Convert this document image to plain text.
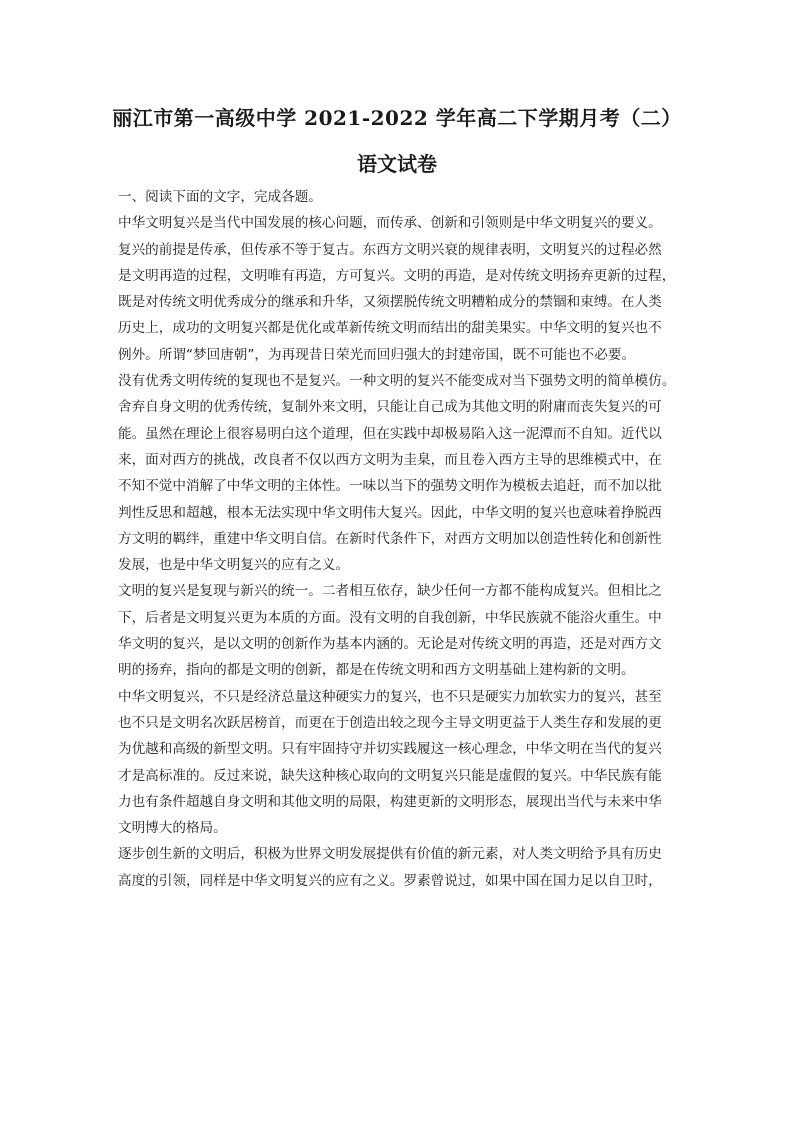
丽江市第一高级中学 2021-2022 学年高二下学期月考（二）
语文试卷
一、阅读下面的文字，完成各题。
中华文明复兴是当代中国发展的核心问题，而传承、创新和引领则是中华文明复兴的要义。
复兴的前提是传承，但传承不等于复古。东西方文明兴衰的规律表明，文明复兴的过程必然
是文明再造的过程，文明唯有再造，方可复兴。文明的再造，是对传统文明扬弃更新的过程，
既是对传统文明优秀成分的继承和升华，又须摆脱传统文明糟粕成分的禁锢和束缚。在人类
历史上，成功的文明复兴都是优化或革新传统文明而结出的甜美果实。中华文明的复兴也不
例外。所谓“梦回唐朝”，为再现昔日荣光而回归强大的封建帝国，既不可能也不必要。
没有优秀文明传统的复现也不是复兴。一种文明的复兴不能变成对当下强势文明的简单模仿。
舍弃自身文明的优秀传统，复制外来文明，只能让自己成为其他文明的附庸而丧失复兴的可
能。虽然在理论上很容易明白这个道理，但在实践中却极易陷入这一泥潭而不自知。近代以
来，面对西方的挑战，改良者不仅以西方文明为圭臬，而且卷入西方主导的思维模式中，在
不知不觉中消解了中华文明的主体性。一味以当下的强势文明作为模板去追赶，而不加以批
判性反思和超越，根本无法实现中华文明伟大复兴。因此，中华文明的复兴也意味着挣脱西
方文明的羁绊，重建中华文明自信。在新时代条件下，对西方文明加以创造性转化和创新性
发展，也是中华文明复兴的应有之义。
文明的复兴是复现与新兴的统一。二者相互依存，缺少任何一方都不能构成复兴。但相比之
下，后者是文明复兴更为本质的方面。没有文明的自我创新，中华民族就不能浴火重生。中
华文明的复兴，是以文明的创新作为基本内涵的。无论是对传统文明的再造，还是对西方文
明的扬弃，指向的都是文明的创新，都是在传统文明和西方文明基础上建构新的文明。
中华文明复兴，不只是经济总量这种硬实力的复兴，也不只是硬实力加软实力的复兴，甚至
也不只是文明名次跃居榜首，而更在于创造出较之现今主导文明更益于人类生存和发展的更
为优越和高级的新型文明。只有牢固持守并切实践履这一核心理念，中华文明在当代的复兴
才是高标准的。反过来说，缺失这种核心取向的文明复兴只能是虚假的复兴。中华民族有能
力也有条件超越自身文明和其他文明的局限，构建更新的文明形态，展现出当代与未来中华
文明博大的格局。
逐步创生新的文明后，积极为世界文明发展提供有价值的新元素，对人类文明给予具有历史
高度的引领，同样是中华文明复兴的应有之义。罗素曾说过，如果中国在国力足以自卫时，
